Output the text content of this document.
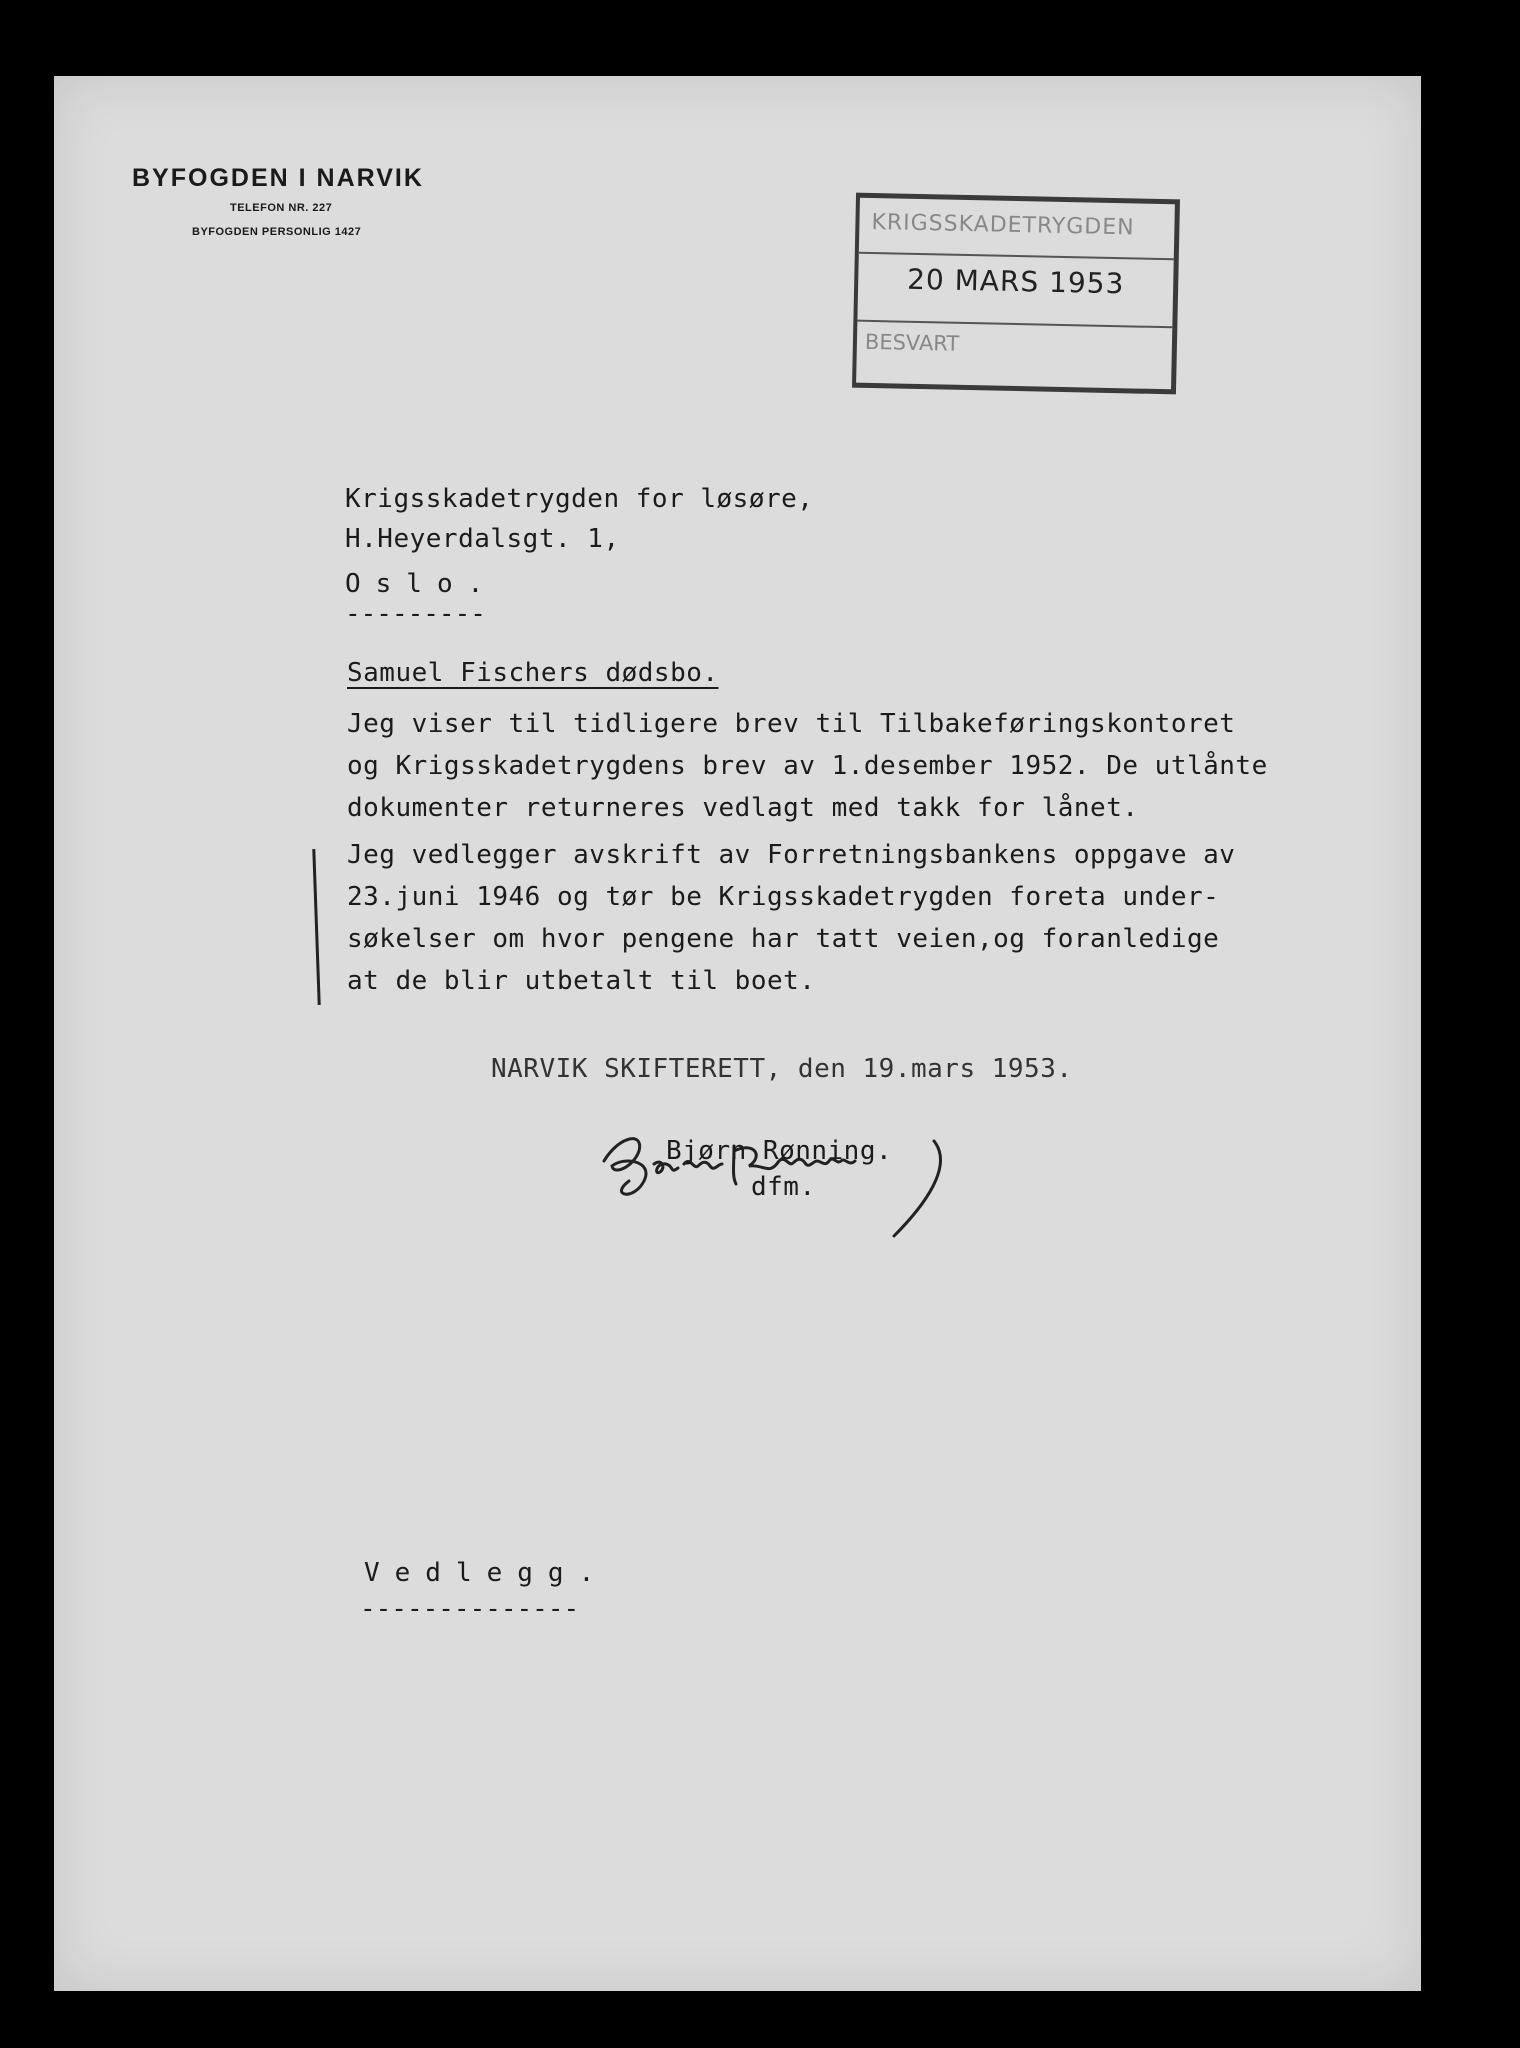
BYFOGDEN I NARVIK
TELEFON NR. 227
BYFOGDEN PERSONLIG 1427	KRIGSSKADETRYGDEN
20 MARS 1953
BESVART
Krigsskadetrygden for løsøre,
H.Heyerdalsgt. 1,
Oslo.
---------
Samuel Fischers dødsbo.
Jeg viser til tidligere brev til Tilbakeføringskontoret
og Krigsskadetrygdens brev av 1.desember 1952. De utlånte
dokumenter returneres vedlagt med takk for lånet.
Jeg vedlegger avskrift av Forretningsbankens oppgave av
23.juni 1946 og tør be Krigsskadetrygden foreta under-
søkelser om hvor pengene har tatt veien,og foranledige
at de blir utbetalt til boet.
NARVIK SKIFTERETT, den 19.mars 1953.
Bjørn Rønning.
dfm.
Vedlegg.
--------------
